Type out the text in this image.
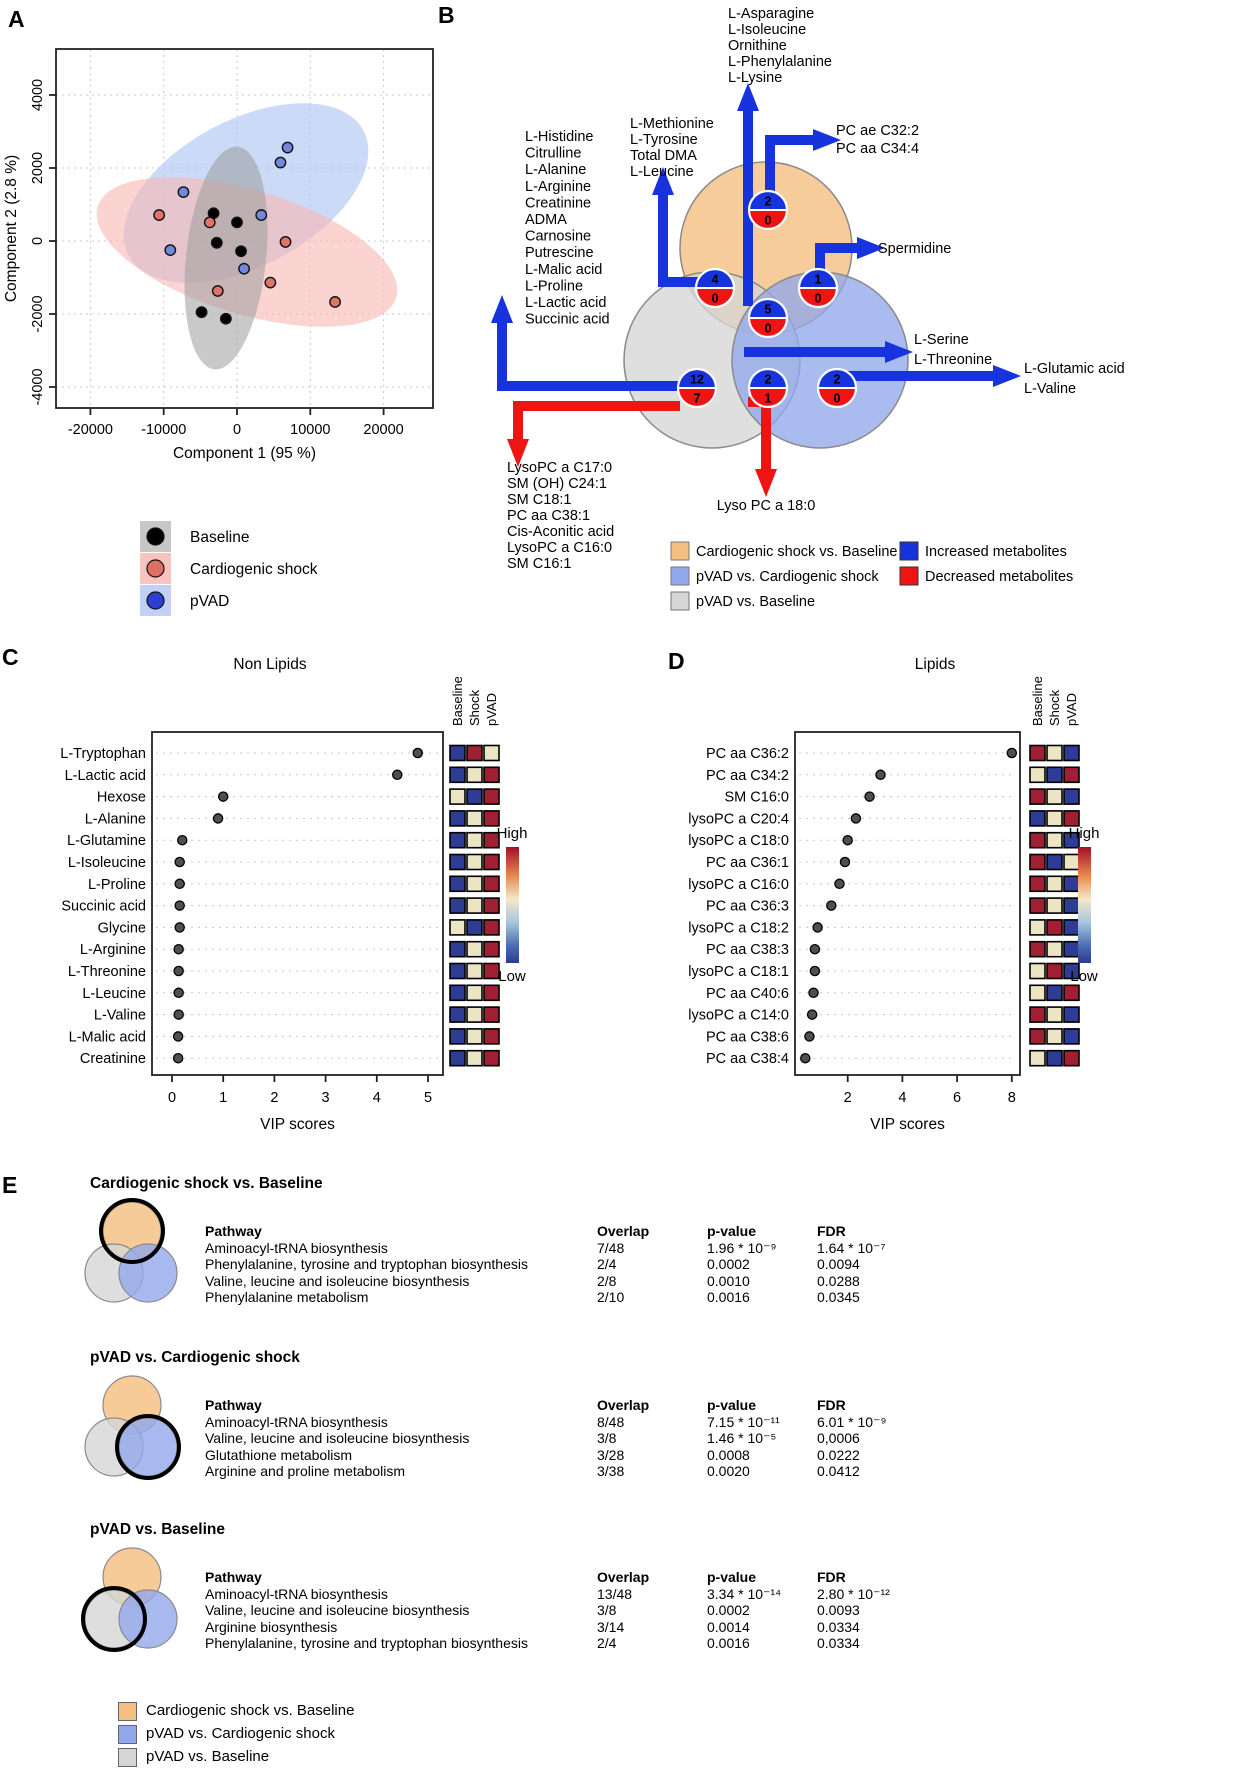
A	B
C	D
E
-20000 -10000	0	10000 20000
4000
2000
0
-2000
-4000
Component 1 (95 %)
Component 2 (2.8 %)
Baseline
Cardiogenic shock
pVAD
2
0
4
0
1
0
5
0
12
7
2
1
2
0
L-Asparagine
L-Isoleucine
Ornithine
L-Phenylalanine
L-Lysine
L-Methionine
L-Tyrosine
Total DMA
L-Leucine
L-Histidine
Citrulline
L-Alanine
L-Arginine
Creatinine
ADMA
Carnosine
Putrescine
L-Malic acid
L-Proline
L-Lactic acid
Succinic acid
PC ae C32:2
PC aa C34:4
Spermidine
L-Serine
L-Threonine
L-Glutamic acid
L-Valine
LysoPC a C17:0
SM (OH) C24:1
SM C18:1
PC aa C38:1
Cis-Aconitic acid
LysoPC a C16:0
SM C16:1
Lyso PC a 18:0
Cardiogenic shock vs. Baseline
pVAD vs. Cardiogenic shock
pVAD vs. Baseline
Increased metabolites
Decreased metabolites
Non Lipids
Baseline Shock pVAD
L-Tryptophan
L-Lactic acid
Hexose
L-Alanine
L-Glutamine
L-Isoleucine
L-Proline
Succinic acid
Glycine
L-Arginine
L-Threonine
L-Leucine
L-Valine
L-Malic acid
Creatinine
0	1	2	3	4	5
VIP scores
High
Low
Lipids
Baseline Shock pVAD
PC aa C36:2
PC aa C34:2
SM C16:0
lysoPC a C20:4
lysoPC a C18:0
PC aa C36:1
lysoPC a C16:0
PC aa C36:3
lysoPC a C18:2
PC aa C38:3
lysoPC a C18:1
PC aa C40:6
lysoPC a C14:0
PC aa C38:6
PC aa C38:4
2	4	6	8
VIP scores
High
Low
Cardiogenic shock vs. Baseline
Pathway	Overlap	p-value	FDR
Aminoacyl-tRNA biosynthesis	7/48	1.96 * 10⁻⁹	1.64 * 10⁻⁷
Phenylalanine, tyrosine and tryptophan biosynthesis	2/4	0.0002	0.0094
Valine, leucine and isoleucine biosynthesis	2/8	0.0010	0.0288
Phenylalanine metabolism	2/10	0.0016	0.0345
pVAD vs. Cardiogenic shock
Pathway	Overlap	p-value	FDR
Aminoacyl-tRNA biosynthesis	8/48	7.15 * 10⁻¹¹	6.01 * 10⁻⁹
Valine, leucine and isoleucine biosynthesis	3/8	1.46 * 10⁻⁵	0,0006
Glutathione metabolism	3/28	0.0008	0.0222
Arginine and proline metabolism	3/38	0.0020	0.0412
pVAD vs. Baseline
Pathway	Overlap	p-value	FDR
Aminoacyl-tRNA biosynthesis	13/48	3.34 * 10⁻¹⁴	2.80 * 10⁻¹²
Valine, leucine and isoleucine biosynthesis	3/8	0.0002	0.0093
Arginine biosynthesis	3/14	0.0014	0.0334
Phenylalanine, tyrosine and tryptophan biosynthesis	2/4	0.0016	0.0334
Cardiogenic shock vs. Baseline
pVAD vs. Cardiogenic shock
pVAD vs. Baseline
